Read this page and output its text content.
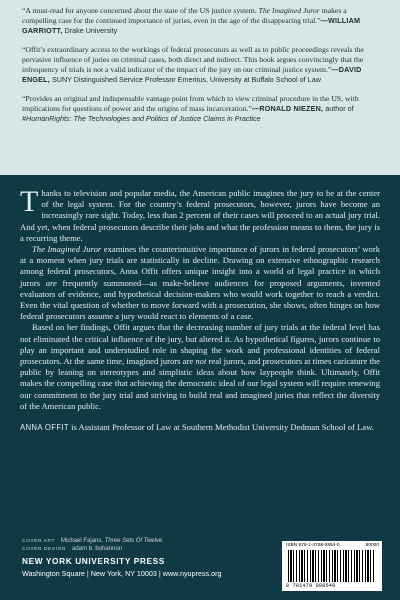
“A must-read for anyone concerned about the state of the US justice system. The Imagined Juror makes a compelling case for the continued importance of juries, even in the age of the disappearing trial.”—WILLIAM GARRIOTT, Drake University

“Offit’s extraordinary access to the workings of federal prosecutors as well as to public proceedings reveals the pervasive influence of juries on criminal cases, both direct and indirect. This book argues convincingly that the infrequency of trials is not a valid indicator of the impact of the jury on our criminal justice system.”—DAVID ENGEL, SUNY Distinguished Service Professor Emeritus, University at Buffalo School of Law

“Provides an original and indispensable vantage point from which to view criminal procedure in the US, with implications for questions of power and the origins of mass incarceration.”—RONALD NIEZEN, author of #HumanRights: The Technologies and Politics of Justice Claims in Practice

Thanks to television and popular media, the American public imagines the jury to be at the center of the legal system. For the country’s federal prosecutors, however, jurors have become an increasingly rare sight. Today, less than 2 percent of their cases will proceed to an actual jury trial. And yet, when federal prosecutors describe their jobs and what the profession means to them, the jury is a recurring theme.

The Imagined Juror examines the counterintuitive importance of jurors in federal prosecutors’ work at a moment when jury trials are statistically in decline. Drawing on extensive ethnographic research among federal prosecutors, Anna Offit offers unique insight into a world of legal practice in which jurors are frequently summoned—as make-believe audiences for proposed arguments, invented evaluators of evidence, and hypothetical decision-makers who would work together to reach a verdict. Even the vital question of whether to move forward with a prosecution, she shows, often hinges on how federal prosecutors assume a jury would react to elements of a case.

Based on her findings, Offit argues that the decreasing number of jury trials at the federal level has not eliminated the critical influence of the jury, but altered it. As hypothetical figures, jurors continue to play an important and understudied role in shaping the work and professional identities of federal prosecutors. At the same time, imagined jurors are not real jurors, and prosecutors at times caricature the public by leaning on stereotypes and simplistic ideas about how laypeople think. Ultimately, Offit makes the compelling case that achieving the democratic ideal of our legal system will require renewing our commitment to the jury trial and striving to build real and imagined juries that reflect the diversity of the American public.

ANNA OFFIT is Assistant Professor of Law at Southern Methodist University Dedman School of Law.

COVER ART Michael Fajans, Three Sets Of Twelve
COVER DESIGN adam b. bohannon
NEW YORK UNIVERSITY PRESS
Washington Square | New York, NY 10003 | www.nyupress.org
ISBN 978-1-4798-0854-0	90000
9 781479 808540
